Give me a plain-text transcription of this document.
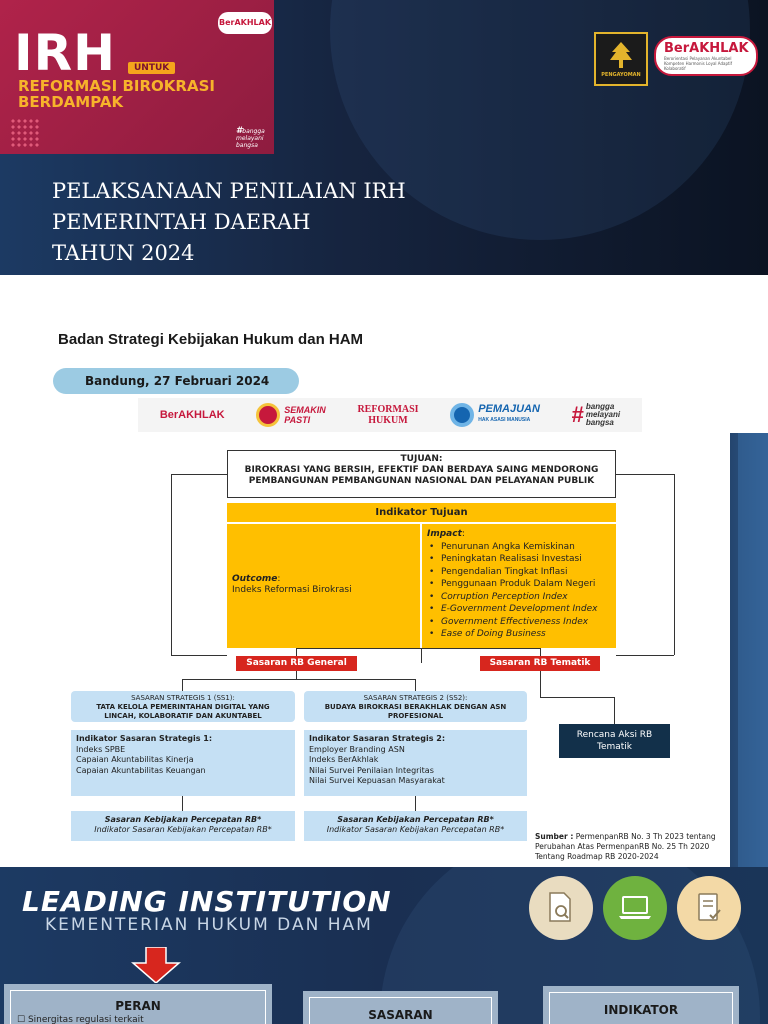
IRH	UNTUK
REFORMASI BIROKRASI
BERDAMPAK
BerAKHLAK
#bangga
melayani
bangsa
PENGAYOMAN
BerAKHLAK
Berorientasi Pelayanan Akuntabel Kompeten Harmonis Loyal Adaptif Kolaboratif
PELAKSANAAN PENILAIAN IRH
PEMERINTAH DAERAH
TAHUN 2024
Badan Strategi Kebijakan Hukum dan HAM
Bandung, 27 Februari 2024
BerAKHLAK	SEMAKIN
PASTI
REFORMASI
HUKUM
PEMAJUAN
HAK ASASI MANUSIA	# bangga
melayani
bangsa
TUJUAN:
BIROKRASI YANG BERSIH, EFEKTIF DAN BERDAYA SAING MENDORONG
PEMBANGUNAN PEMBANGUNAN NASIONAL DAN PELAYANAN PUBLIK
Indikator Tujuan
Outcome:
Indeks Reformasi Birokrasi
Impact:
• Penurunan Angka Kemiskinan
• Peningkatan Realisasi Investasi
• Pengendalian Tingkat Inflasi
• Penggunaan Produk Dalam Negeri
• Corruption Perception Index
• E-Government Development Index
• Government Effectiveness Index
• Ease of Doing Business
Sasaran RB General	Sasaran RB Tematik
SASARAN STRATEGIS 1 (SS1):
TATA KELOLA PEMERINTAHAN DIGITAL YANG
LINCAH, KOLABORATIF DAN AKUNTABEL
SASARAN STRATEGIS 2 (SS2):
BUDAYA BIROKRASI BERAKHLAK DENGAN ASN
PROFESIONAL
Indikator Sasaran Strategis 1:
Indeks SPBE
Capaian Akuntabilitas Kinerja
Capaian Akuntabilitas Keuangan
Indikator Sasaran Strategis 2:
Employer Branding ASN
Indeks BerAkhlak
Nilai Survei Penilaian Integritas
Nilai Survei Kepuasan Masyarakat
Sasaran Kebijakan Percepatan RB*
Indikator Sasaran Kebijakan Percepatan RB*
Sasaran Kebijakan Percepatan RB*
Indikator Sasaran Kebijakan Percepatan RB*
Rencana Aksi RB
Tematik
Sumber : PermenpanRB No. 3 Th 2023 tentang
Perubahan Atas PermenpanRB No. 25 Th 2020
Tentang Roadmap RB 2020-2024
LEADING INSTITUTION
KEMENTERIAN HUKUM DAN HAM
PERAN
☐ Sinergitas regulasi terkait	SASARAN	INDIKATOR
